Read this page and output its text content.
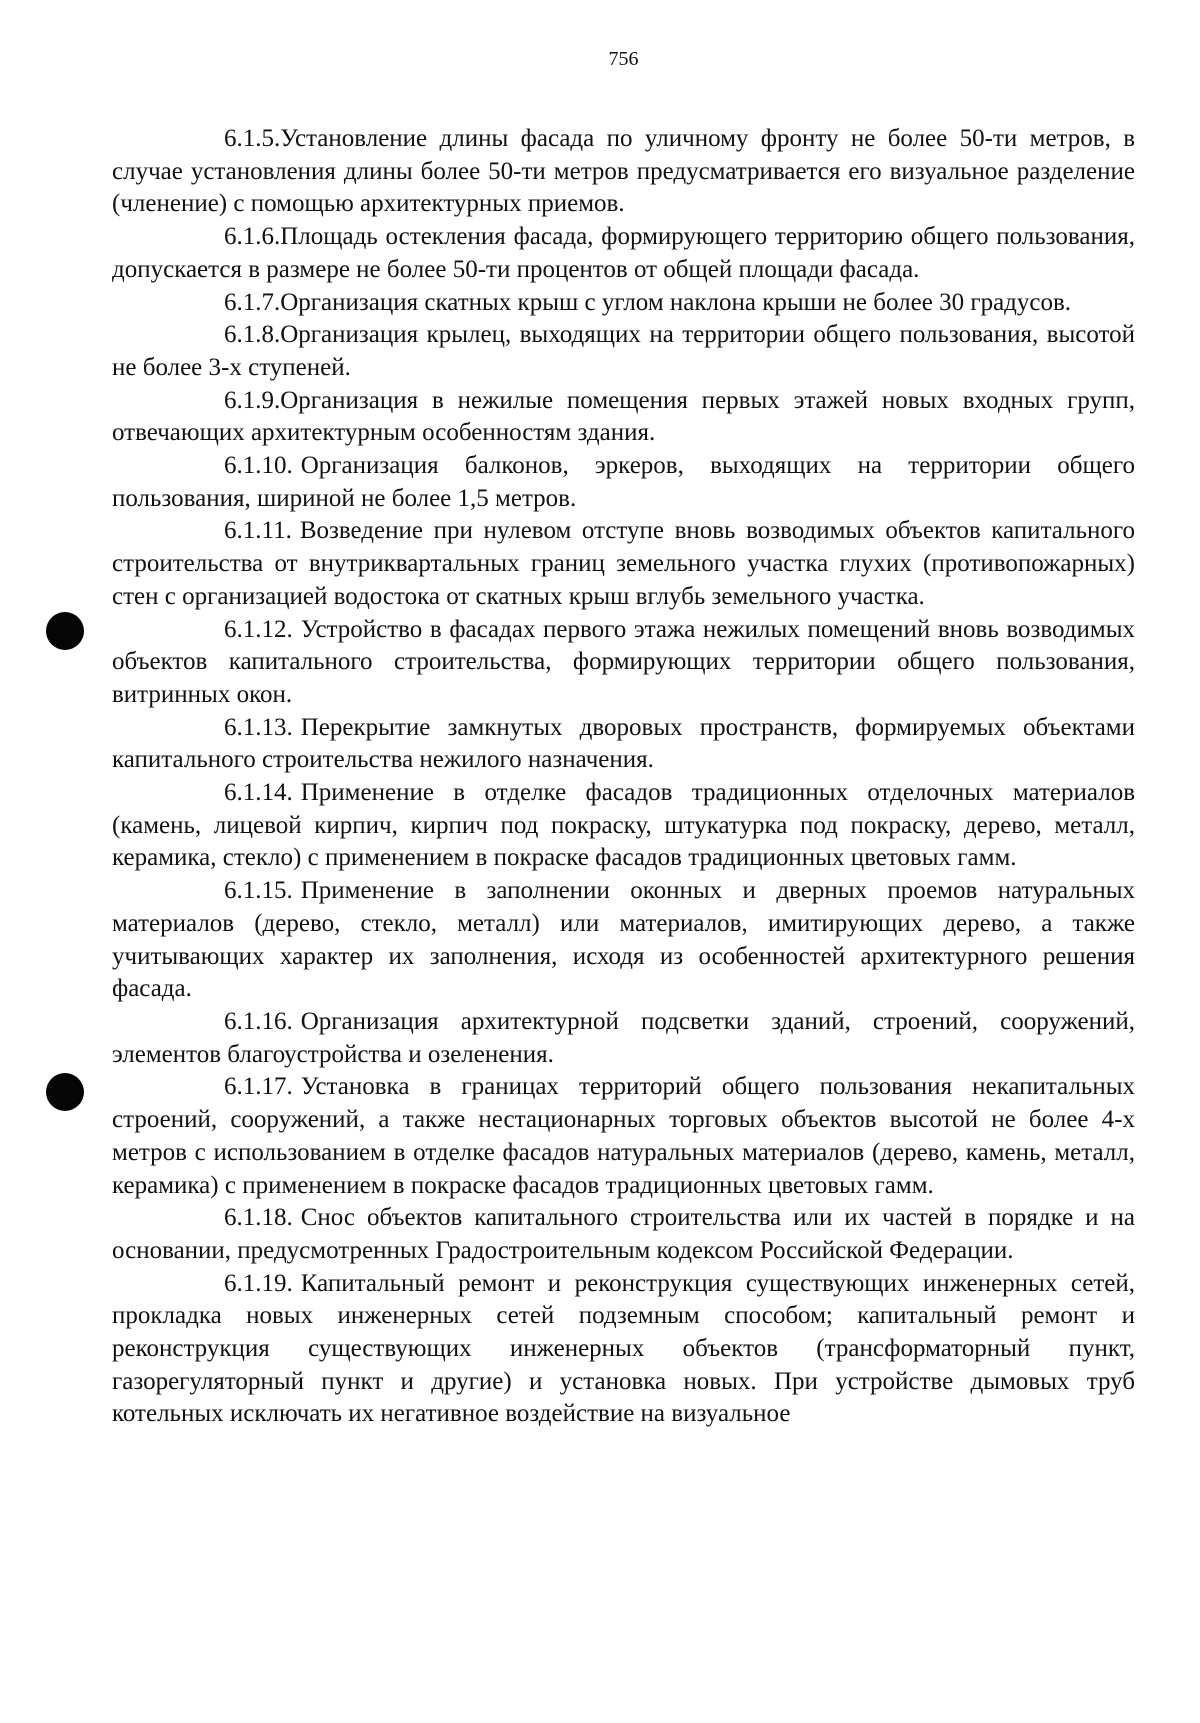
756

6.1.5.Установление длины фасада по уличному фронту не более 50-ти метров, в случае установления длины более 50-ти метров предусматривается его визуальное разделение (членение) с помощью архитектурных приемов.

6.1.6.Площадь остекления фасада, формирующего территорию общего пользования, допускается в размере не более 50-ти процентов от общей площади фасада.

6.1.7.Организация скатных крыш с углом наклона крыши не более 30 градусов.

6.1.8.Организация крылец, выходящих на территории общего пользования, высотой не более 3-х ступеней.

6.1.9.Организация в нежилые помещения первых этажей новых входных групп, отвечающих архитектурным особенностям здания.

6.1.10. Организация балконов, эркеров, выходящих на территории общего пользования, шириной не более 1,5 метров.

6.1.11. Возведение при нулевом отступе вновь возводимых объектов капитального строительства от внутриквартальных границ земельного участка глухих (противопожарных) стен с организацией водостока от скатных крыш вглубь земельного участка.

6.1.12. Устройство в фасадах первого этажа нежилых помещений вновь возводимых объектов капитального строительства, формирующих территории общего пользования, витринных окон.

6.1.13. Перекрытие замкнутых дворовых пространств, формируемых объектами капитального строительства нежилого назначения.

6.1.14. Применение в отделке фасадов традиционных отделочных материалов (камень, лицевой кирпич, кирпич под покраску, штукатурка под покраску, дерево, металл, керамика, стекло) с применением в покраске фасадов традиционных цветовых гамм.

6.1.15. Применение в заполнении оконных и дверных проемов натуральных материалов (дерево, стекло, металл) или материалов, имитирующих дерево, а также учитывающих характер их заполнения, исходя из особенностей архитектурного решения фасада.

6.1.16. Организация архитектурной подсветки зданий, строений, сооружений, элементов благоустройства и озеленения.

6.1.17. Установка в границах территорий общего пользования некапитальных строений, сооружений, а также нестационарных торговых объектов высотой не более 4-х метров с использованием в отделке фасадов натуральных материалов (дерево, камень, металл, керамика) с применением в покраске фасадов традиционных цветовых гамм.

6.1.18. Снос объектов капитального строительства или их частей в порядке и на основании, предусмотренных Градостроительным кодексом Российской Федерации.

6.1.19. Капитальный ремонт и реконструкция существующих инженерных сетей, прокладка новых инженерных сетей подземным способом; капитальный ремонт и реконструкция существующих инженерных объектов (трансформаторный пункт, газорегуляторный пункт и другие) и установка новых. При устройстве дымовых труб котельных исключать их негативное воздействие на визуальное
